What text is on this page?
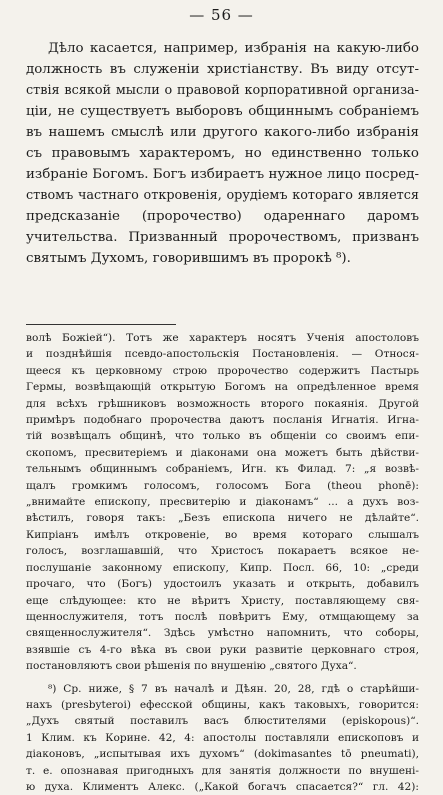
— 56 —
Дѣло касается, например, избранія на какую-либо
должность въ служеніи христіанству. Въ виду отсут-
ствія всякой мысли о правовой корпоративной организа-
ціи, не существуетъ выборовъ общиннымъ собраніемъ
въ нашемъ смыслѣ или другого какого-либо избранія
съ правовымъ характеромъ, но единственно только
избраніе Богомъ. Богъ избираетъ нужное лицо посред-
ствомъ частнаго откровенія, орудіемъ котораго является
предсказаніе (пророчество) одареннаго даромъ
учительства. Призванный пророчествомъ, призванъ
святымъ Духомъ, говорившимъ въ пророкѣ ⁸).
волѣ Божіей“). Тотъ же характеръ носятъ Ученія апостоловъ
и позднѣйшія псевдо-апостольскія Постановленія. — Относя-
щееся къ церковному строю пророчество содержитъ Пастырь
Гермы, возвѣщающій открытую Богомъ на опредѣленное время
для всѣхъ грѣшниковъ возможность второго покаянія. Другой
примѣръ подобнаго пророчества даютъ посланія Игнатія. Игна-
тій возвѣщалъ общинѣ, что только въ общеніи со своимъ епи-
скопомъ, пресвитеріемъ и діаконами она можетъ быть дѣйстви-
тельнымъ общиннымъ собраніемъ, Игн. къ Филад. 7: „я возвѣ-
щалъ громкимъ голосомъ, голосомъ Бога (theou phonē):
„внимайте епископу, пресвитерію и діаконамъ“ ... а духъ воз-
вѣстилъ, говоря такъ: „Безъ епископа ничего не дѣлайте“.
Кипріанъ имѣлъ откровеніе, во время котораго слышалъ
голосъ, возглашавшій, что Христосъ покараетъ всякое не-
послушаніе законному епископу, Кипр. Посл. 66, 10: „среди
прочаго, что (Богъ) удостоилъ указать и открыть, добавилъ
еще слѣдующее: кто не вѣритъ Христу, поставляющему свя-
щеннослужителя, тотъ послѣ повѣритъ Ему, отмщающему за
священнослужителя“. Здѣсь умѣстно напомнить, что соборы,
взявшіе съ 4-го вѣка въ свои руки развитіе церковнаго строя,
постановляютъ свои рѣшенія по внушенію „святого Духа“.
⁸) Ср. ниже, § 7 въ началѣ и Дѣян. 20, 28, гдѣ о старѣйши-
нахъ (presbyteroi) ефесской общины, какъ таковыхъ, говорится:
„Духъ святый поставилъ васъ блюстителями (episkopous)“.
1 Клим. къ Корине. 42, 4: апостолы поставляли епископовъ и
діаконовъ, „испытывая ихъ духомъ“ (dokimasantes tō pneumati),
т. е. опознавая пригодныхъ для занятія должности по внушені-
ю духа. Климентъ Алекс. („Какой богачъ спасается?“ гл. 42):
